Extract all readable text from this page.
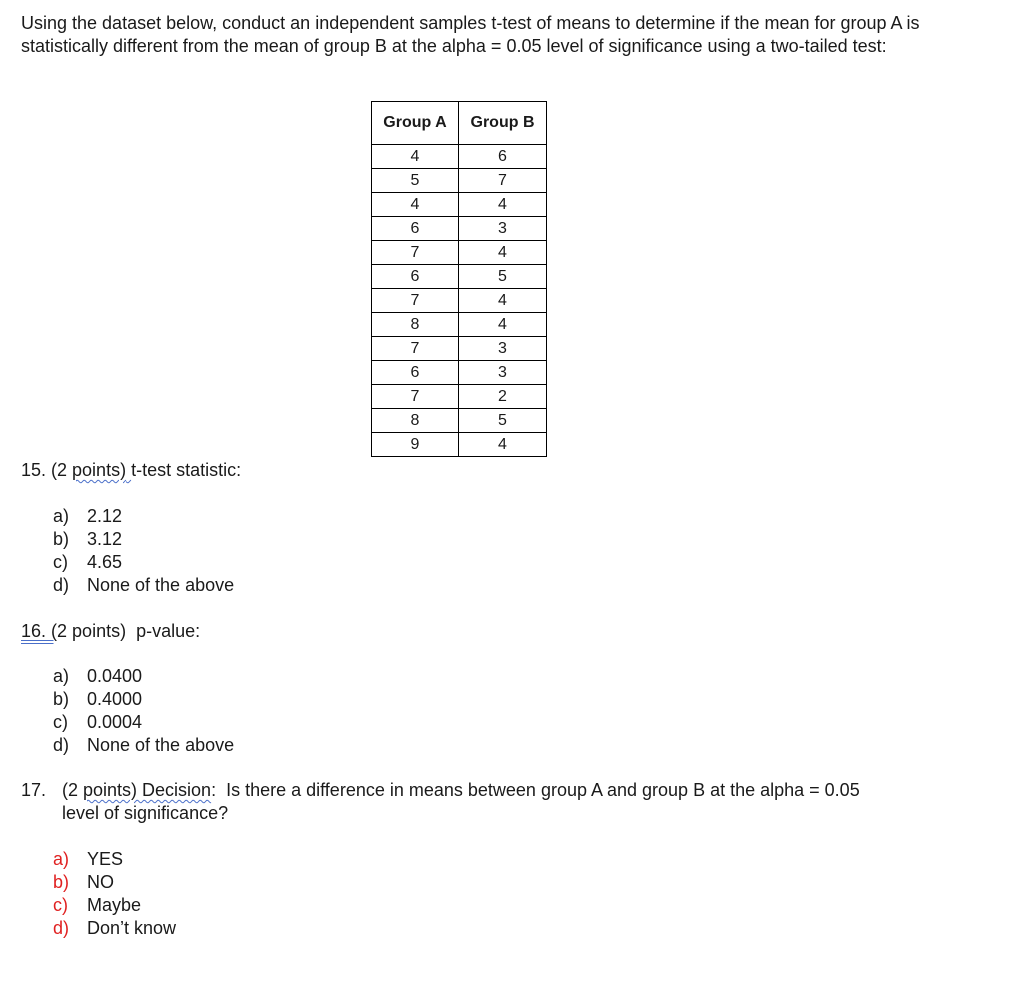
Using the dataset below, conduct an independent samples t-test of means to determine if the mean for group A is statistically different from the mean of group B at the alpha = 0.05 level of significance using a two-tailed test:
Group A	Group B
4	6
5	7
4	4
6	3
7	4
6	5
7	4
8	4
7	3
6	3
7	2
8	5
9	4
15. (2 points) t-test statistic:
a) 2.12
b) 3.12
c)	4.65
d) None of the above
16. (2 points)  p-value:
a) 0.0400
b) 0.4000
c)	0.0004
d) None of the above
17. (2 points) Decision:  Is there a difference in means between group A and group B at the alpha = 0.05
level of significance?
a) YES
b) NO
c)	Maybe
d) Don’t know
